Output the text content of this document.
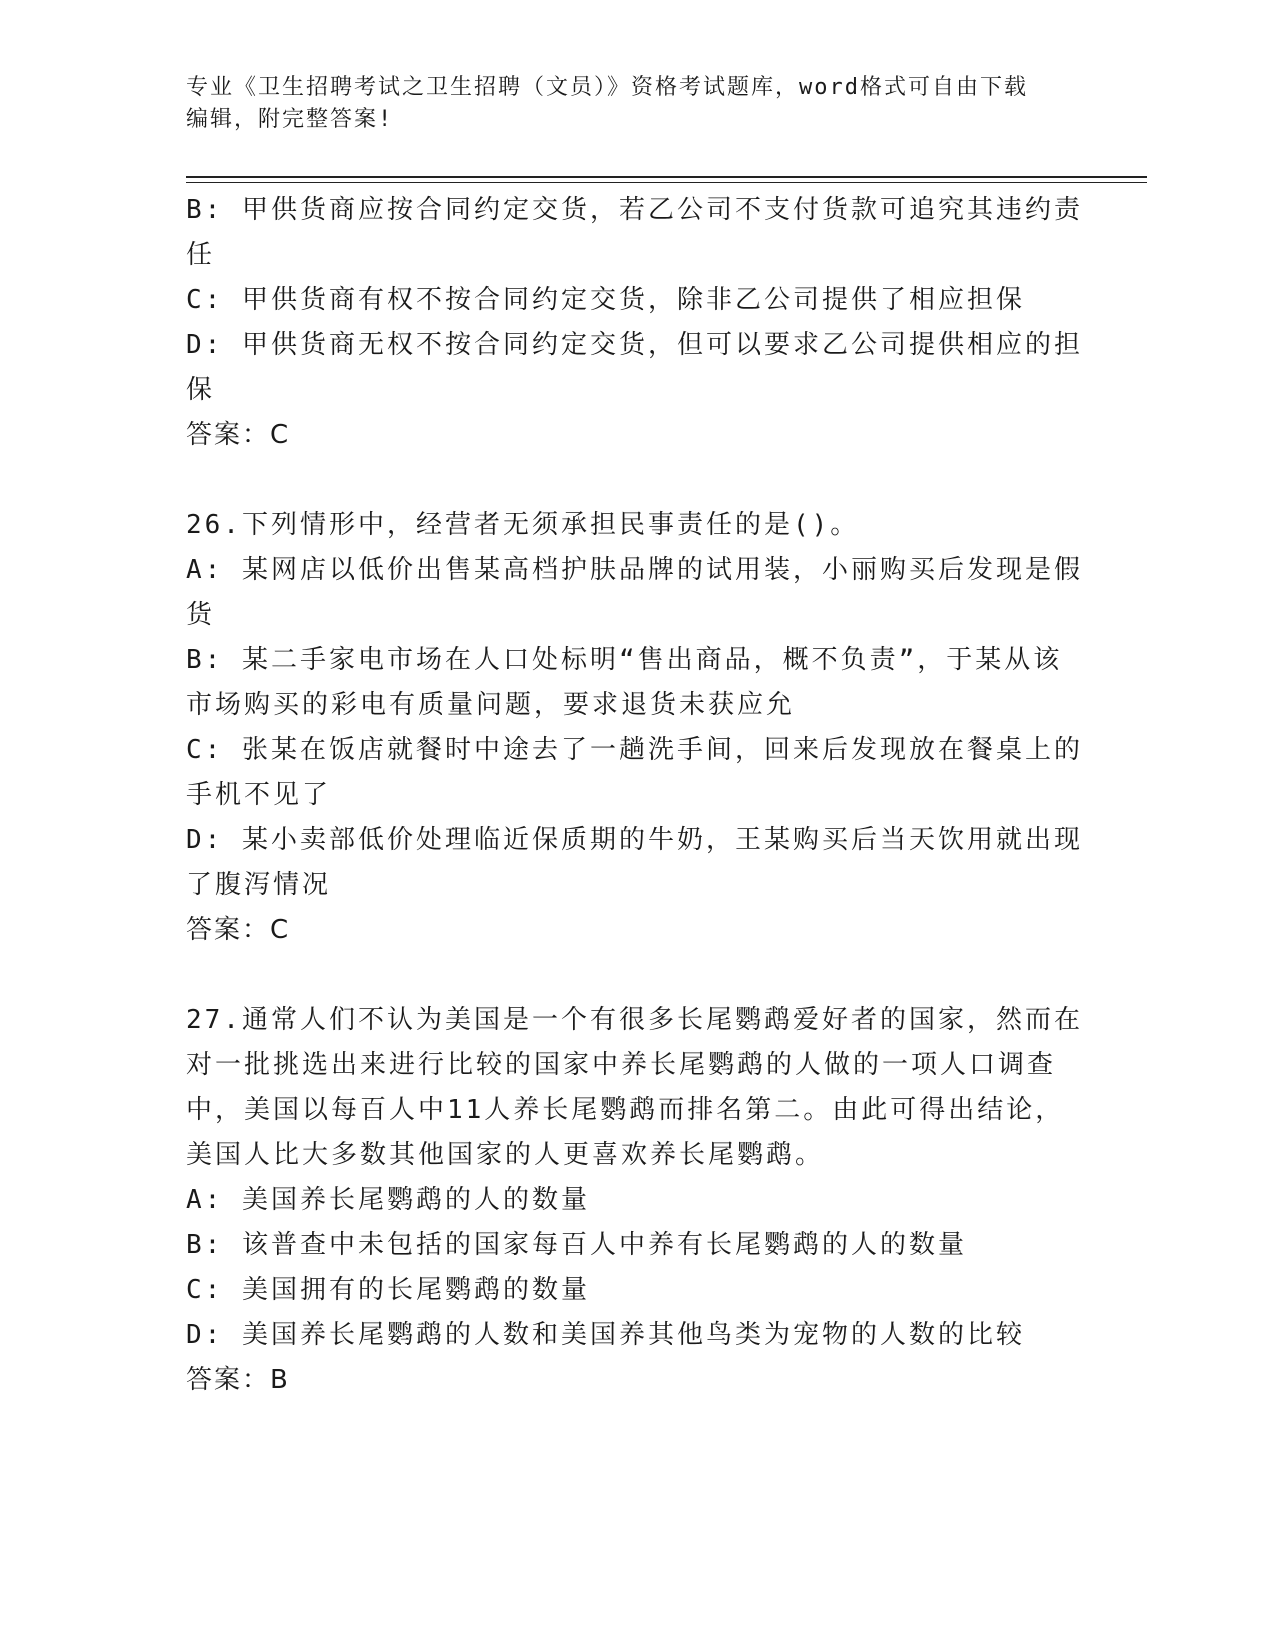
专业《卫生招聘考试之卫生招聘（文员）》资格考试题库，word格式可自由下载
编辑，附完整答案!
B: 甲供货商应按合同约定交货，若乙公司不支付货款可追究其违约责
任
C: 甲供货商有权不按合同约定交货，除非乙公司提供了相应担保
D: 甲供货商无权不按合同约定交货，但可以要求乙公司提供相应的担
保
答案：C
26.下列情形中，经营者无须承担民事责任的是()。
A: 某网店以低价出售某高档护肤品牌的试用装，小丽购买后发现是假
货
B: 某二手家电市场在人口处标明“售出商品，概不负责”，于某从该
市场购买的彩电有质量问题，要求退货未获应允
C: 张某在饭店就餐时中途去了一趟洗手间，回来后发现放在餐桌上的
手机不见了
D: 某小卖部低价处理临近保质期的牛奶，王某购买后当天饮用就出现
了腹泻情况
答案：C
27.通常人们不认为美国是一个有很多长尾鹦鹉爱好者的国家，然而在
对一批挑选出来进行比较的国家中养长尾鹦鹉的人做的一项人口调查
中，美国以每百人中11人养长尾鹦鹉而排名第二。由此可得出结论，
美国人比大多数其他国家的人更喜欢养长尾鹦鹉。
A: 美国养长尾鹦鹉的人的数量
B: 该普查中未包括的国家每百人中养有长尾鹦鹉的人的数量
C: 美国拥有的长尾鹦鹉的数量
D: 美国养长尾鹦鹉的人数和美国养其他鸟类为宠物的人数的比较
答案：B
